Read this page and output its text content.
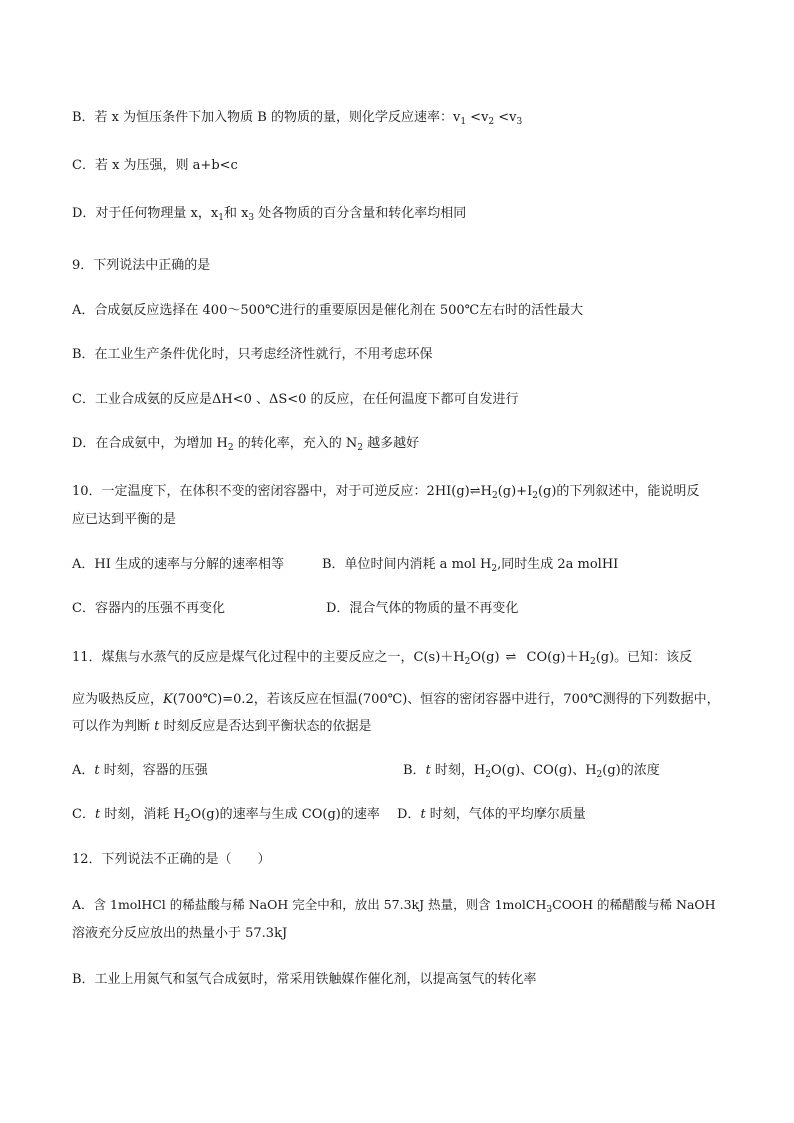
B．若 x 为恒压条件下加入物质 B 的物质的量，则化学反应速率：$v_1 <v_2 <v_3$
C．若 x 为压强，则 a+b<c
D．对于任何物理量 x，$x_1$和 $x_3$ 处各物质的百分含量和转化率均相同
9．下列说法中正确的是
A．合成氨反应选择在 400～500℃进行的重要原因是催化剂在 500℃左右时的活性最大
B．在工业生产条件优化时，只考虑经济性就行，不用考虑环保
C．工业合成氨的反应是ΔH<0 、ΔS<0 的反应，在任何温度下都可自发进行
D．在合成氨中，为增加 $H_2$ 的转化率，充入的 $N_2$ 越多越好
10．一定温度下，在体积不变的密闭容器中，对于可逆反应：$2HI(g)\rightleftharpoons H_2(g)+I_2(g)$的下列叙述中，能说明反
应已达到平衡的是
A．HI 生成的速率与分解的速率相等	B．单位时间内消耗 a mol $H_2$,同时生成 2a molHI
C．容器内的压强不再变化	D．混合气体的物质的量不再变化
11．煤焦与水蒸气的反应是煤气化过程中的主要反应之一，$C(s)+H_2O(g)$ ⇌ $CO(g)+H_2(g)$。已知：该反
应为吸热反应，K(700℃)=0.2，若该反应在恒温(700℃)、恒容的密闭容器中进行，700℃测得的下列数据中，
可以作为判断 t 时刻反应是否达到平衡状态的依据是
A．t 时刻，容器的压强	B．t 时刻，$H_2O(g)$、CO(g)、$H_2(g)$的浓度
C．t 时刻，消耗 $H_2O(g)$的速率与生成 CO(g)的速率 D．t 时刻，气体的平均摩尔质量
12．下列说法不正确的是（　　）
A．含 1molHCl 的稀盐酸与稀 NaOH 完全中和，放出 57.3kJ 热量，则含 1molCH$_3$COOH 的稀醋酸与稀 NaOH
溶液充分反应放出的热量小于 57.3kJ
B．工业上用氮气和氢气合成氨时，常采用铁触媒作催化剂，以提高氢气的转化率
